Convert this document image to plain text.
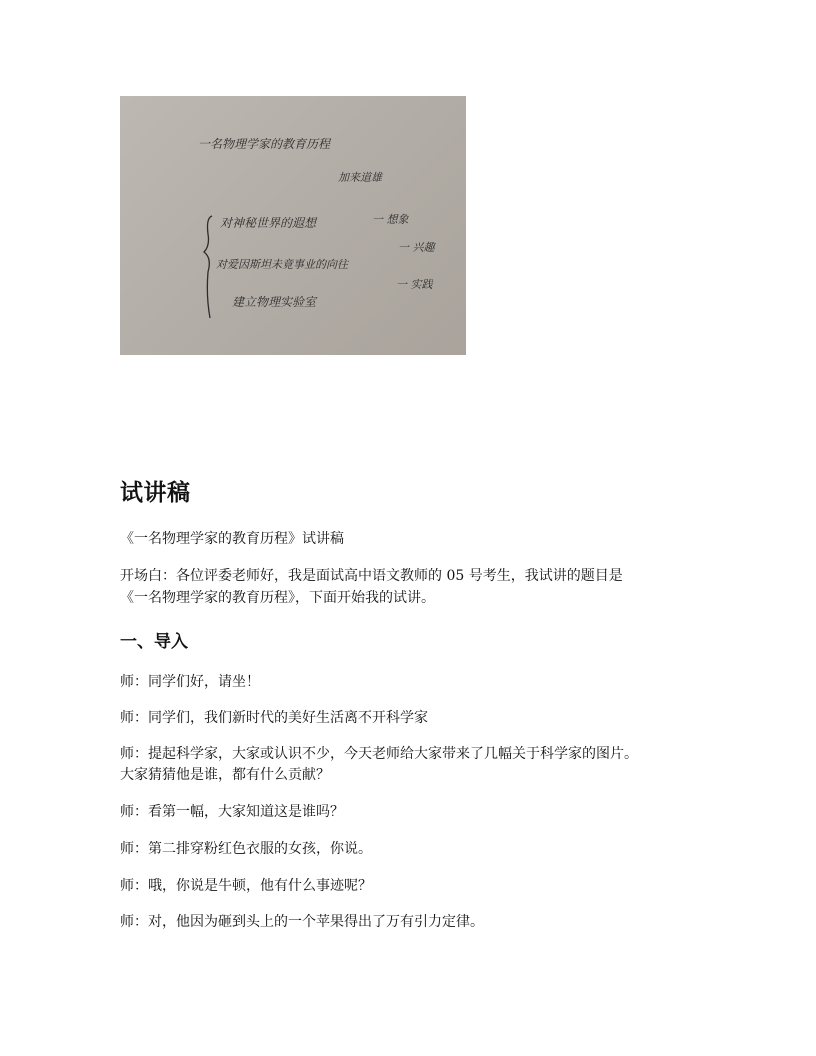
一名物理学家的教育历程
加来道雄
对神秘世界的遐想	一 想象
对爱因斯坦未竟事业的向往
一 兴趣
建立物理实验室
一 实践
试讲稿

《一名物理学家的教育历程》试讲稿

开场白：各位评委老师好，我是面试高中语文教师的 05 号考生，我试讲的题目是

《一名物理学家的教育历程》，下面开始我的试讲。

一、导入

师：同学们好，请坐！

师：同学们，我们新时代的美好生活离不开科学家

师：提起科学家，大家或认识不少，今天老师给大家带来了几幅关于科学家的图片。

大家猜猜他是谁，都有什么贡献？

师：看第一幅，大家知道这是谁吗？

师：第二排穿粉红色衣服的女孩，你说。

师：哦，你说是牛顿，他有什么事迹呢？

师：对，他因为砸到头上的一个苹果得出了万有引力定律。
